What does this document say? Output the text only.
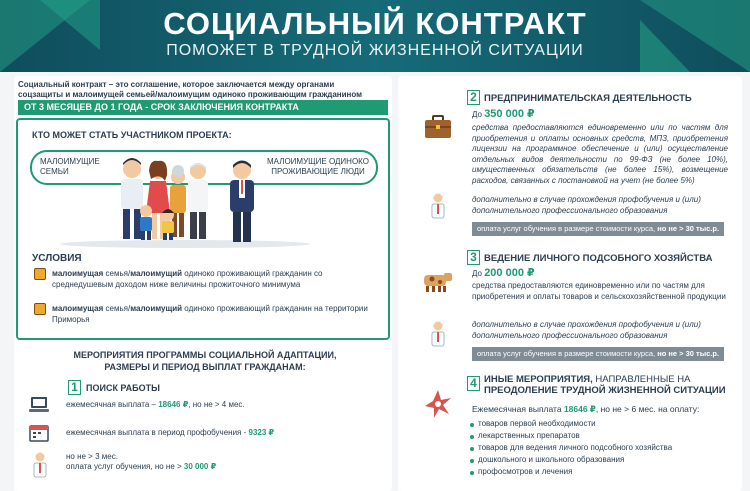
СОЦИАЛЬНЫЙ КОНТРАКТ
ПОМОЖЕТ В ТРУДНОЙ ЖИЗНЕННОЙ СИТУАЦИИ
Социальный контракт – это соглашение, которое заключается между органами соцзащиты и малоимущей семьей/малоимущим одиноко проживающим гражданином
ОТ 3 МЕСЯЦЕВ ДО 1 ГОДА - СРОК ЗАКЛЮЧЕНИЯ КОНТРАКТА
КТО МОЖЕТ СТАТЬ УЧАСТНИКОМ ПРОЕКТА:
МАЛОИМУЩИЕ
СЕМЬИ
МАЛОИМУЩИЕ ОДИНОКО
ПРОЖИВАЮЩИЕ ЛЮДИ
УСЛОВИЯ
малоимущая семья/малоимущий одиноко проживающий гражданин со среднедушевым доходом ниже величины прожиточного минимума
малоимущая семья/малоимущий одиноко проживающий гражданин на территории Приморья
МЕРОПРИЯТИЯ ПРОГРАММЫ СОЦИАЛЬНОЙ АДАПТАЦИИ,
РАЗМЕРЫ И ПЕРИОД ВЫПЛАТ ГРАЖДАНАМ:
1 ПОИСК РАБОТЫ
ежемесячная выплата – 18646 ₽, но не > 4 мес.
ежемесячная выплата в период профобучения - 9323 ₽
но не > 3 мес.
оплата услуг обучения, но не > 30 000 ₽
2 ПРЕДПРИНИМАТЕЛЬСКАЯ ДЕЯТЕЛЬНОСТЬ
До 350 000 ₽
средства предоставляются единовременно или по частям для приобретения и оплаты основных средств, МПЗ, приобретения лицензии на программное обеспечение и (или) осуществление отдельных видов деятельности по 99-ФЗ (не более 10%), имущественных обязательств (не более 15%), возмещение расходов, связанных с постановкой на учет (не более 5%)
дополнительно в случае прохождения профобучения и (или) дополнительного профессионального образования
оплата услуг обучения в размере стоимости курса, но не > 30 тыс.р.
3 ВЕДЕНИЕ ЛИЧНОГО ПОДСОБНОГО ХОЗЯЙСТВА
До 200 000 ₽
средства предоставляются единовременно или по частям для приобретения и оплаты товаров и сельскохозяйственной продукции
дополнительно в случае прохождения профобучения и (или) дополнительного профессионального образования
оплата услуг обучения в размере стоимости курса, но не > 30 тыс.р.
4 ИНЫЕ МЕРОПРИЯТИЯ, НАПРАВЛЕННЫЕ НА
ПРЕОДОЛЕНИЕ ТРУДНОЙ ЖИЗНЕННОЙ СИТУАЦИИ
Ежемесячная выплата 18646 ₽, но не > 6 мес. на оплату:
товаров первой необходимости
лекарственных препаратов
товаров для ведения личного подсобного хозяйства
дошкольного и школьного образования
профосмотров и лечения
